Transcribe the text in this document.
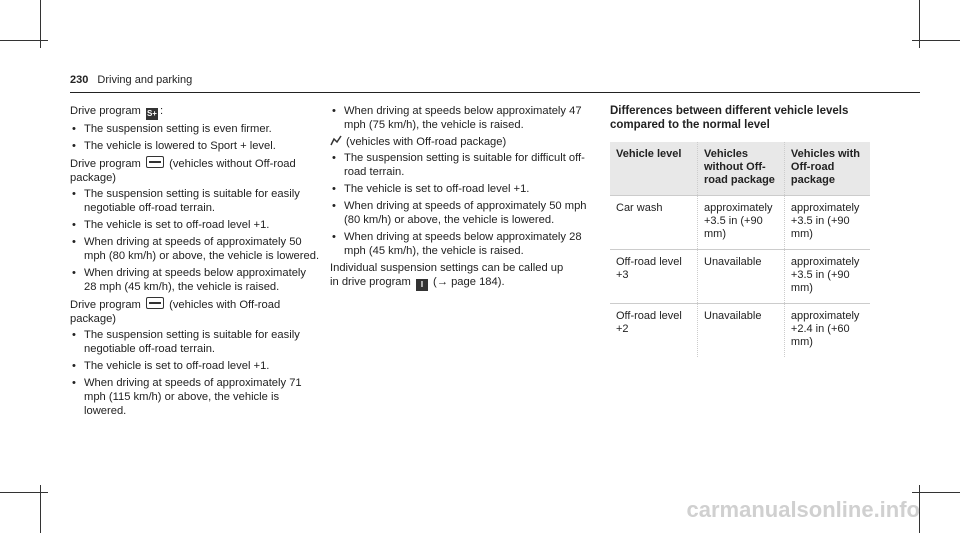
230 Driving and parking

Drive program S+ :

• The suspension setting is even firmer.
• The vehicle is lowered to Sport + level.

Drive program  (vehicles without Off-road package)

• The suspension setting is suitable for easily negotiable off-road terrain.
• The vehicle is set to off-road level +1.
• When driving at speeds of approximately 50 mph (80 km/h) or above, the vehicle is lowered.
• When driving at speeds below approximately 28 mph (45 km/h), the vehicle is raised.

Drive program  (vehicles with Off-road package)

• The suspension setting is suitable for easily negotiable off-road terrain.
• The vehicle is set to off-road level +1.
• When driving at speeds of approximately 71 mph (115 km/h) or above, the vehicle is lowered.
• When driving at speeds below approximately 47 mph (75 km/h), the vehicle is raised.

(vehicles with Off-road package)

• The suspension setting is suitable for difficult off-road terrain.
• The vehicle is set to off-road level +1.
• When driving at speeds of approximately 50 mph (80 km/h) or above, the vehicle is lowered.
• When driving at speeds below approximately 28 mph (45 km/h), the vehicle is raised.

Individual suspension settings can be called up
in drive program I (→ page 184).

Differences between different vehicle levels compared to the normal level
Vehicle level	Vehicles without Off-road package	Vehicles with Off-road package
Car wash	approximately +3.5 in (+90 mm)	approximately +3.5 in (+90 mm)
Off-road level +3	Unavailable	approximately +3.5 in (+90 mm)
Off-road level +2	Unavailable	approximately +2.4 in (+60 mm)
carmanualsonline.info
